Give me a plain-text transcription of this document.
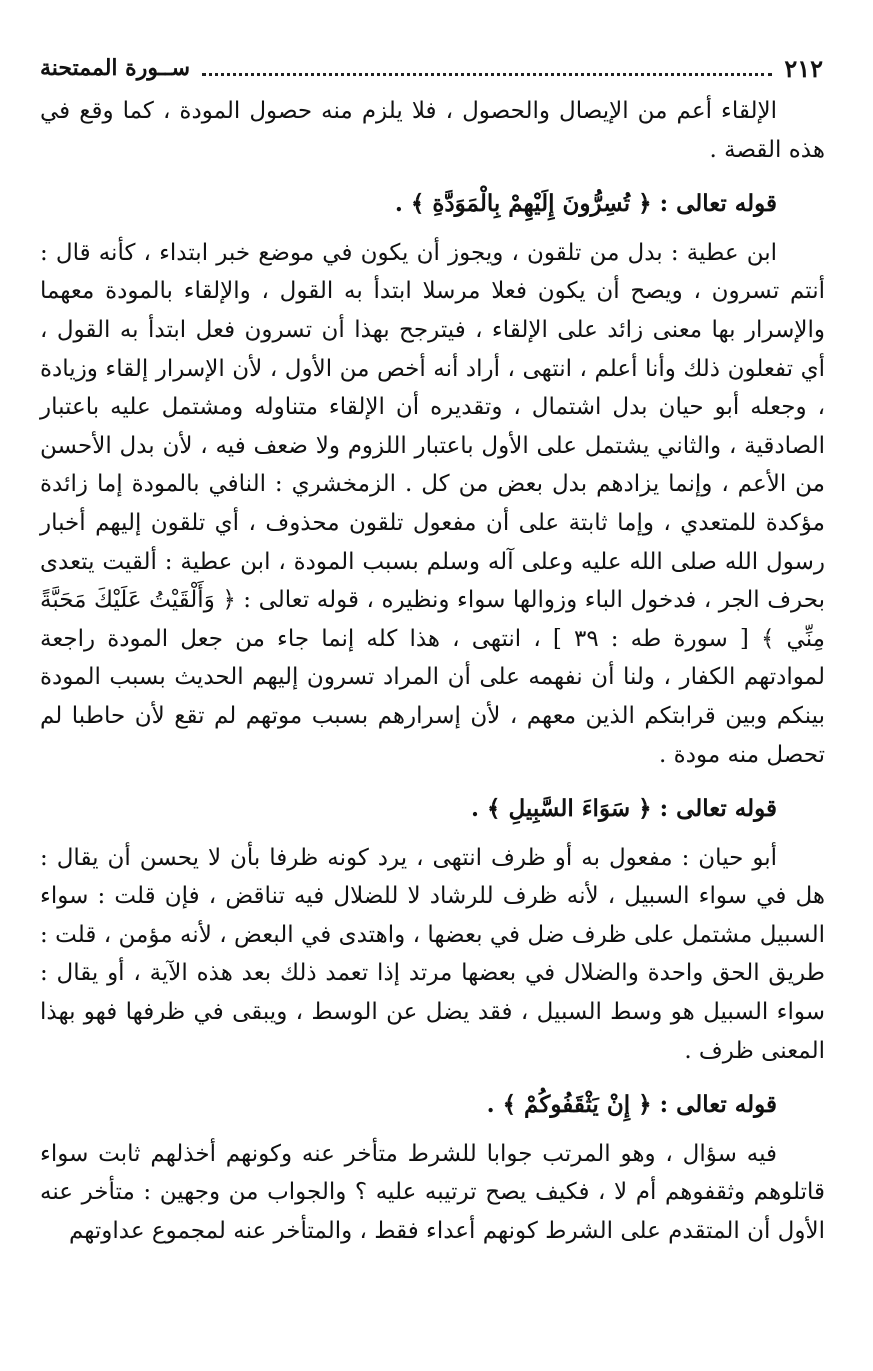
٢١٢
ســورة الممتحنة

الإلقاء أعم من الإيصال والحصول ، فلا يلزم منه حصول المودة ، كما وقع في هذه القصة .

قوله تعالى : ﴿ تُسِرُّونَ إِلَيْهِمْ بِالْمَوَدَّةِ ﴾ .

ابن عطية : بدل من تلقون ، ويجوز أن يكون في موضع خبر ابتداء ، كأنه قال : أنتم تسرون ، ويصح أن يكون فعلا مرسلا ابتدأ به القول ، والإلقاء بالمودة معهما والإسرار بها معنى زائد على الإلقاء ، فيترجح بهذا أن تسرون فعل ابتدأ به القول ، أي تفعلون ذلك وأنا أعلم ، انتهى ، أراد أنه أخص من الأول ، لأن الإسرار إلقاء وزيادة ، وجعله أبو حيان بدل اشتمال ، وتقديره أن الإلقاء متناوله ومشتمل عليه باعتبار الصادقية ، والثاني يشتمل على الأول باعتبار اللزوم ولا ضعف فيه ، لأن بدل الأحسن من الأعم ، وإنما يزادهم بدل بعض من كل . الزمخشري : النافي بالمودة إما زائدة مؤكدة للمتعدي ، وإما ثابتة على أن مفعول تلقون محذوف ، أي تلقون إليهم أخبار رسول الله صلى الله عليه وعلى آله وسلم بسبب المودة ، ابن عطية : ألقيت يتعدى بحرف الجر ، فدخول الباء وزوالها سواء ونظيره ، قوله تعالى : ﴿ وَأَلْقَيْتُ عَلَيْكَ مَحَبَّةً مِنِّي ﴾ [ سورة طه : ٣٩ ] ، انتهى ، هذا كله إنما جاء من جعل المودة راجعة لموادتهم الكفار ، ولنا أن نفهمه على أن المراد تسرون إليهم الحديث بسبب المودة بينكم وبين قرابتكم الذين معهم ، لأن إسرارهم بسبب موتهم لم تقع لأن حاطبا لم تحصل منه مودة .

قوله تعالى : ﴿ سَوَاءَ السَّبِيلِ ﴾ .

أبو حيان : مفعول به أو ظرف انتهى ، يرد كونه ظرفا بأن لا يحسن أن يقال : هل في سواء السبيل ، لأنه ظرف للرشاد لا للضلال فيه تناقض ، فإن قلت : سواء السبيل مشتمل على ظرف ضل في بعضها ، واهتدى في البعض ، لأنه مؤمن ، قلت : طريق الحق واحدة والضلال في بعضها مرتد إذا تعمد ذلك بعد هذه الآية ، أو يقال : سواء السبيل هو وسط السبيل ، فقد يضل عن الوسط ، ويبقى في ظرفها فهو بهذا المعنى ظرف .

قوله تعالى : ﴿ إِنْ يَثْقَفُوكُمْ ﴾ .

فيه سؤال ، وهو المرتب جوابا للشرط متأخر عنه وكونهم أخذلهم ثابت سواء قاتلوهم وثقفوهم أم لا ، فكيف يصح ترتيبه عليه ؟ والجواب من وجهين : متأخر عنه الأول أن المتقدم على الشرط كونهم أعداء فقط ، والمتأخر عنه لمجموع عداوتهم
